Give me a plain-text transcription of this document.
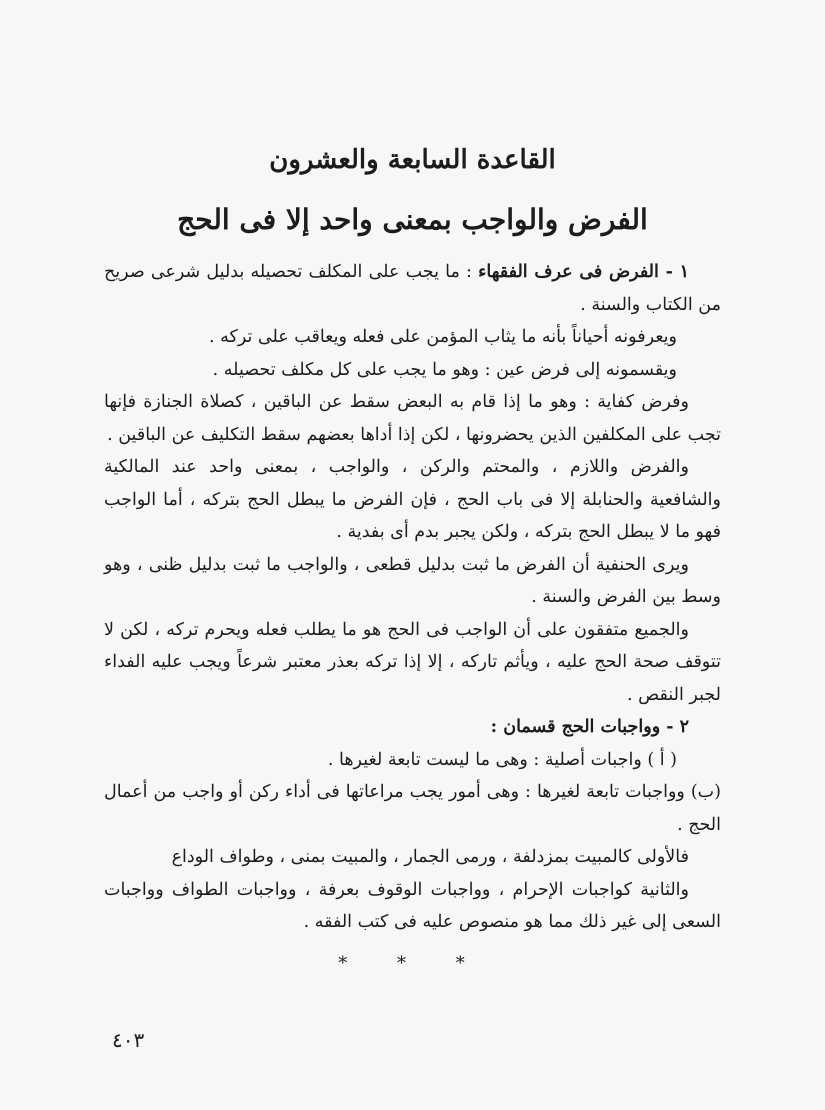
القاعدة السابعة والعشرون
الفرض والواجب بمعنى واحد إلا فى الحج

١ - الفرض فى عرف الفقهاء : ما يجب على المكلف تحصيله بدليل شرعى صريح من الكتاب والسنة .

ويعرفونه أحياناً بأنه ما يثاب المؤمن على فعله ويعاقب على تركه .

ويقسمونه إلى فرض عين : وهو ما يجب على كل مكلف تحصيله .

وفرض كفاية : وهو ما إذا قام به البعض سقط عن الباقين ، كصلاة الجنازة فإنها تجب على المكلفين الذين يحضرونها ، لكن إذا أداها بعضهم سقط التكليف عن الباقين .

والفرض واللازم ، والمحتم والركن ، والواجب ، بمعنى واحد عند المالكية والشافعية والحنابلة إلا فى باب الحج ، فإن الفرض ما يبطل الحج بتركه ، أما الواجب فهو ما لا يبطل الحج بتركه ، ولكن يجبر بدم أى بفدية .

ويرى الحنفية أن الفرض ما ثبت بدليل قطعى ، والواجب ما ثبت بدليل ظنى ، وهو وسط بين الفرض والسنة .

والجميع متفقون على أن الواجب فى الحج هو ما يطلب فعله ويحرم تركه ، لكن لا تتوقف صحة الحج عليه ، ويأثم تاركه ، إلا إذا تركه بعذر معتبر شرعاً ويجب عليه الفداء لجبر النقص .

٢ - وواجبات الحج قسمان :

( أ ) واجبات أصلية : وهى ما ليست تابعة لغيرها .

(ب) وواجبات تابعة لغيرها : وهى أمور يجب مراعاتها فى أداء ركن أو واجب من أعمال الحج .

فالأولى كالمبيت بمزدلفة ، ورمى الجمار ، والمبيت بمنى ، وطواف الوداع

والثانية كواجبات الإحرام ، وواجبات الوقوف بعرفة ، وواجبات الطواف وواجبات السعى إلى غير ذلك مما هو منصوص عليه فى كتب الفقه .

* * *
٤٠٣
